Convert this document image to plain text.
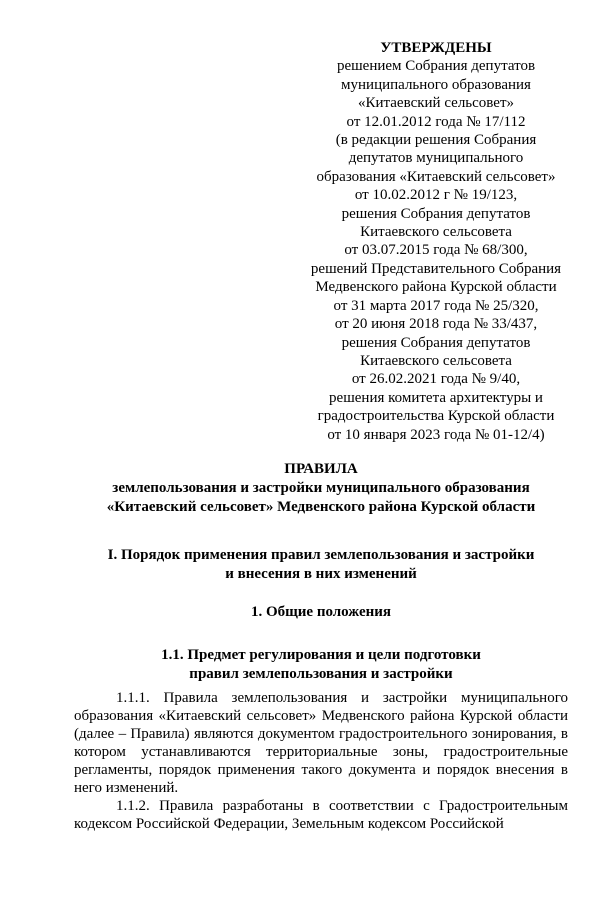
УТВЕРЖДЕНЫ
решением Собрания депутатов
муниципального образования
«Китаевский сельсовет»
от 12.01.2012 года № 17/112
(в редакции решения Собрания
депутатов муниципального
образования «Китаевский сельсовет»
от 10.02.2012 г № 19/123,
решения Собрания депутатов
Китаевского сельсовета
от 03.07.2015 года № 68/300,
решений Представительного Собрания
Медвенского района Курской области
от 31 марта 2017 года № 25/320,
от 20 июня 2018 года № 33/437,
решения Собрания депутатов
Китаевского сельсовета
от 26.02.2021 года № 9/40,
решения комитета архитектуры и
градостроительства Курской области
от 10 января 2023 года № 01-12/4)
ПРАВИЛА
землепользования и застройки муниципального образования
«Китаевский сельсовет» Медвенского района Курской области
I. Порядок применения правил землепользования и застройки
и внесения в них изменений
1. Общие положения
1.1. Предмет регулирования и цели подготовки
правил землепользования и застройки

1.1.1. Правила землепользования и застройки муниципального образования «Китаевский сельсовет» Медвенского района Курской области (далее – Правила) являются документом градостроительного зонирования, в котором устанавливаются территориальные зоны, градостроительные регламенты, порядок применения такого документа и порядок внесения в него изменений.

1.1.2. Правила разработаны в соответствии с Градостроительным кодексом Российской Федерации, Земельным кодексом Российской
